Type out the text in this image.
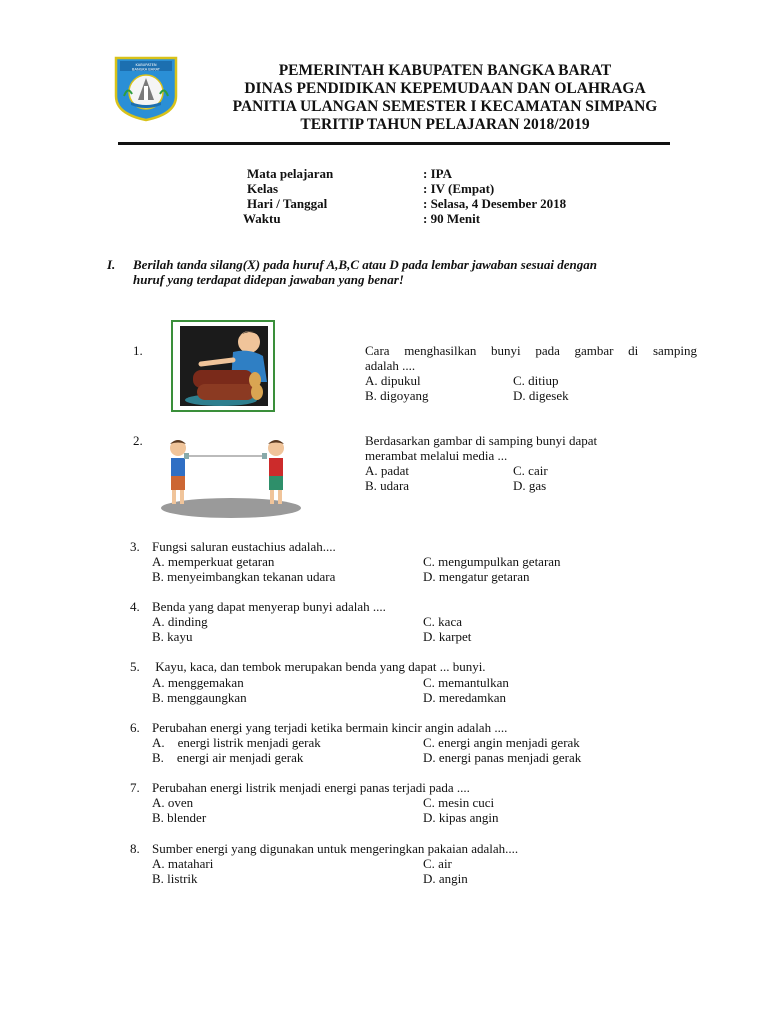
KABUPATEN
BANGKA BARAT	PEMERINTAH KABUPATEN BANGKA BARAT
DINAS PENDIDIKAN KEPEMUDAAN DAN OLAHRAGA
PANITIA ULANGAN SEMESTER I KECAMATAN SIMPANG
TERITIP TAHUN PELAJARAN 2018/2019
Mata pelajaran	: IPA
Kelas	: IV (Empat)
Hari / Tanggal	: Selasa, 4 Desember 2018
Waktu	: 90 Menit
I. Berilah tanda silang(X) pada huruf A,B,C atau D pada lembar jawaban sesuai dengan
huruf yang terdapat didepan jawaban yang benar!
1.	Cara menghasilkan bunyi pada gambar di samping
adalah ....
A. dipukul	C. ditiup
B. digoyang	D. digesek
2.	Berdasarkan gambar di samping bunyi dapat
merambat melalui media ...
A. padat	C. cair
B. udara	D. gas
3. Fungsi saluran eustachius adalah....
A. memperkuat getaran	C. mengumpulkan getaran
B. menyeimbangkan tekanan udara	D. mengatur getaran
4. Benda yang dapat menyerap bunyi adalah ....
A. dinding	C. kaca
B. kayu	D. karpet
5. Kayu, kaca, dan tembok merupakan benda yang dapat ... bunyi.
A. menggemakan	C. memantulkan
B. menggaungkan	D. meredamkan
6. Perubahan energi yang terjadi ketika bermain kincir angin adalah ....
A.    energi listrik menjadi gerak	C. energi angin menjadi gerak
B.    energi air menjadi gerak	D. energi panas menjadi gerak
7. Perubahan energi listrik menjadi energi panas terjadi pada ....
A. oven	C. mesin cuci
B. blender	D. kipas angin
8. Sumber energi yang digunakan untuk mengeringkan pakaian adalah....
A. matahari	C. air
B. listrik	D. angin
